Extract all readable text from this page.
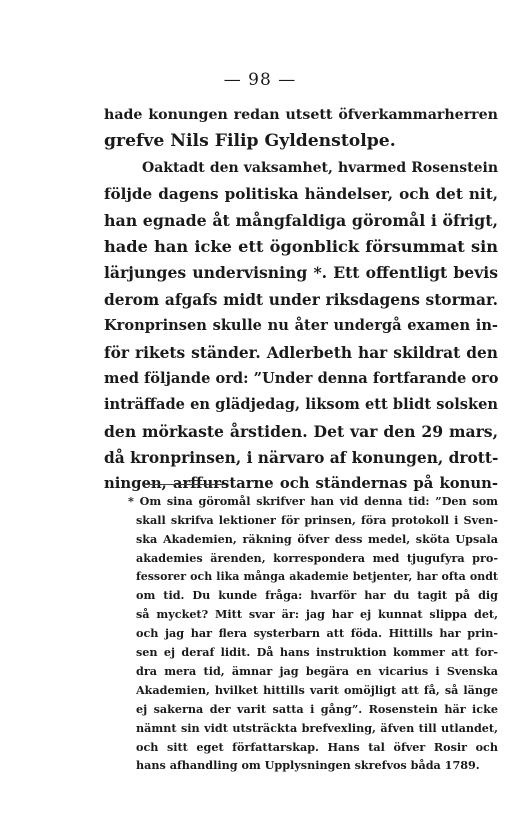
— 98 —
hade konungen redan utsett öfverkammarherren
grefve Nils Filip Gyldenstolpe.
Oaktadt den vaksamhet, hvarmed Rosenstein
följde dagens politiska händelser, och det nit,
han egnade åt mångfaldiga göromål i öfrigt,
hade han icke ett ögonblick försummat sin
lärjunges undervisning *. Ett offentligt bevis
derom afgafs midt under riksdagens stormar.
Kronprinsen skulle nu åter undergå examen in-
för rikets ständer. Adlerbeth har skildrat den
med följande ord: ”Under denna fortfarande oro
inträffade en glädjedag, liksom ett blidt solsken
den mörkaste årstiden. Det var den 29 mars,
då kronprinsen, i närvaro af konungen, drott-
ningen, arffurstarne och ständernas på konun-
* Om sina göromål skrifver han vid denna tid: ”Den som
skall skrifva lektioner för prinsen, föra protokoll i Sven-
ska Akademien, räkning öfver dess medel, sköta Upsala
akademies ärenden, korrespondera med tjugufyra pro-
fessorer och lika många akademie betjenter, har ofta ondt
om tid. Du kunde fråga: hvarför har du tagit på dig
så mycket? Mitt svar är: jag har ej kunnat slippa det,
och jag har flera systerbarn att föda. Hittills har prin-
sen ej deraf lidit. Då hans instruktion kommer att for-
dra mera tid, ämnar jag begära en vicarius i Svenska
Akademien, hvilket hittills varit omöjligt att få, så länge
ej sakerna der varit satta i gång”. Rosenstein här icke
nämnt sin vidt utsträckta brefvexling, äfven till utlandet,
och sitt eget författarskap. Hans tal öfver Rosir och
hans afhandling om Upplysningen skrefvos båda 1789.
